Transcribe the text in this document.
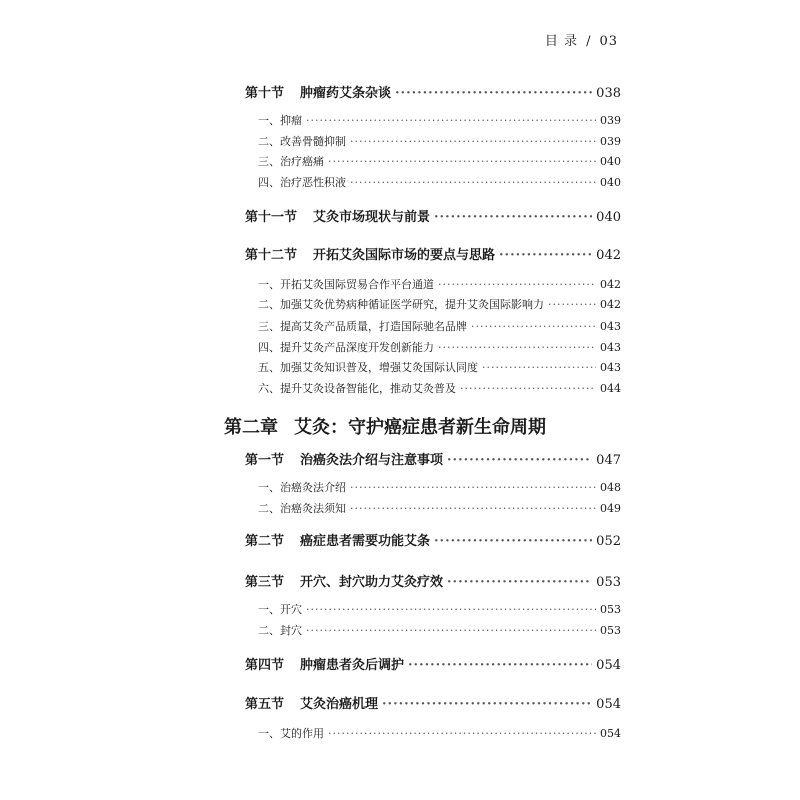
目 录 / 03
第十节 肿瘤药艾条杂谈 ·····	038
一、抑瘤 ·····	039
二、改善骨髓抑制 ·····	039
三、治疗癌痛 ·····	040
四、治疗恶性积液 ·····	040
第十一节 艾灸市场现状与前景 ·····	040
第十二节 开拓艾灸国际市场的要点与思路 ·····	042
一、开拓艾灸国际贸易合作平台通道 ·····	042
二、加强艾灸优势病种循证医学研究，提升艾灸国际影响力 ·····	042
三、提高艾灸产品质量，打造国际驰名品牌 ·····	043
四、提升艾灸产品深度开发创新能力 ·····	043
五、加强艾灸知识普及，增强艾灸国际认同度 ·····	043
六、提升艾灸设备智能化，推动艾灸普及 ·····	044
第一节 治癌灸法介绍与注意事项 ·····	047
一、治癌灸法介绍 ·····	048
二、治癌灸法须知 ·····	049
第二节 癌症患者需要功能艾条 ·····	052
第三节 开穴、封穴助力艾灸疗效 ·····	053
一、开穴 ·····	053
二、封穴 ·····	053
第四节 肿瘤患者灸后调护 ·····	054
第五节 艾灸治癌机理 ·····	054
一、艾的作用 ·····	054
第二章 艾灸：守护癌症患者新生命周期
